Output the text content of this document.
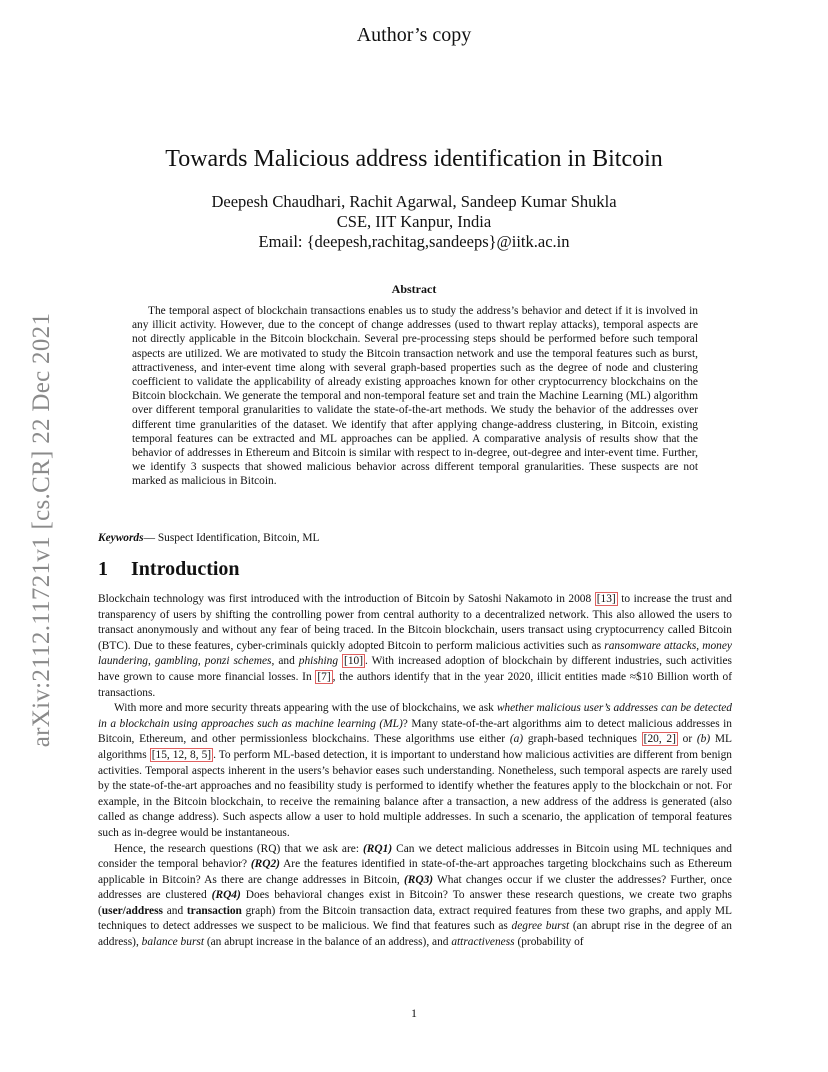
Author’s copy
arXiv:2112.11721v1 [cs.CR] 22 Dec 2021
Towards Malicious address identification in Bitcoin
Deepesh Chaudhari, Rachit Agarwal, Sandeep Kumar Shukla
CSE, IIT Kanpur, India
Email: {deepesh,rachitag,sandeeps}@iitk.ac.in
Abstract
The temporal aspect of blockchain transactions enables us to study the address’s behavior and detect if it is involved in any illicit activity. However, due to the concept of change addresses (used to thwart replay attacks), temporal aspects are not directly applicable in the Bitcoin blockchain. Several pre-processing steps should be performed before such temporal aspects are utilized. We are motivated to study the Bitcoin transaction network and use the temporal features such as burst, attractiveness, and inter-event time along with several graph-based properties such as the degree of node and clustering coefficient to validate the applicability of already existing approaches known for other cryptocurrency blockchains on the Bitcoin blockchain. We generate the temporal and non-temporal feature set and train the Machine Learning (ML) algorithm over different temporal granularities to validate the state-of-the-art methods. We study the behavior of the addresses over different time granularities of the dataset. We identify that after applying change-address clustering, in Bitcoin, existing temporal features can be extracted and ML approaches can be applied. A comparative analysis of results show that the behavior of addresses in Ethereum and Bitcoin is similar with respect to in-degree, out-degree and inter-event time. Further, we identify 3 suspects that showed malicious behavior across different temporal granularities. These suspects are not marked as malicious in Bitcoin.
Keywords— Suspect Identification, Bitcoin, ML
1 Introduction

Blockchain technology was first introduced with the introduction of Bitcoin by Satoshi Nakamoto in 2008 [13] to increase the trust and transparency of users by shifting the controlling power from central authority to a decentralized network. This also allowed the users to transact anonymously and without any fear of being traced. In the Bitcoin blockchain, users transact using cryptocurrency called Bitcoin (BTC). Due to these features, cyber-criminals quickly adopted Bitcoin to perform malicious activities such as ransomware attacks, money laundering, gambling, ponzi schemes, and phishing [10] . With increased adoption of blockchain by different industries, such activities have grown to cause more financial losses. In [7] , the authors identify that in the year 2020, illicit entities made ≈$10 Billion worth of transactions.

With more and more security threats appearing with the use of blockchains, we ask whether malicious user’s addresses can be detected in a blockchain using approaches such as machine learning (ML)? Many state-of-the-art algorithms aim to detect malicious addresses in Bitcoin, Ethereum, and other permissionless blockchains. These algorithms use either (a) graph-based techniques [20, 2] or (b) ML algorithms [15, 12, 8, 5] . To perform ML-based detection, it is important to understand how malicious activities are different from benign activities. Temporal aspects inherent in the users’s behavior eases such understanding. Nonetheless, such temporal aspects are rarely used by the state-of-the-art approaches and no feasibility study is performed to identify whether the features apply to the blockchain or not. For example, in the Bitcoin blockchain, to receive the remaining balance after a transaction, a new address of the address is generated (also called as change address). Such aspects allow a user to hold multiple addresses. In such a scenario, the application of temporal features such as in-degree would be instantaneous.

Hence, the research questions (RQ) that we ask are: (RQ1) Can we detect malicious addresses in Bitcoin using ML techniques and consider the temporal behavior? (RQ2) Are the features identified in state-of-the-art approaches targeting blockchains such as Ethereum applicable in Bitcoin? As there are change addresses in Bitcoin, (RQ3) What changes occur if we cluster the addresses? Further, once addresses are clustered (RQ4) Does behavioral changes exist in Bitcoin? To answer these research questions, we create two graphs (user/address and transaction graph) from the Bitcoin transaction data, extract required features from these two graphs, and apply ML techniques to detect addresses we suspect to be malicious. We find that features such as degree burst (an abrupt rise in the degree of an address), balance burst (an abrupt increase in the balance of an address), and attractiveness (probability of

1
